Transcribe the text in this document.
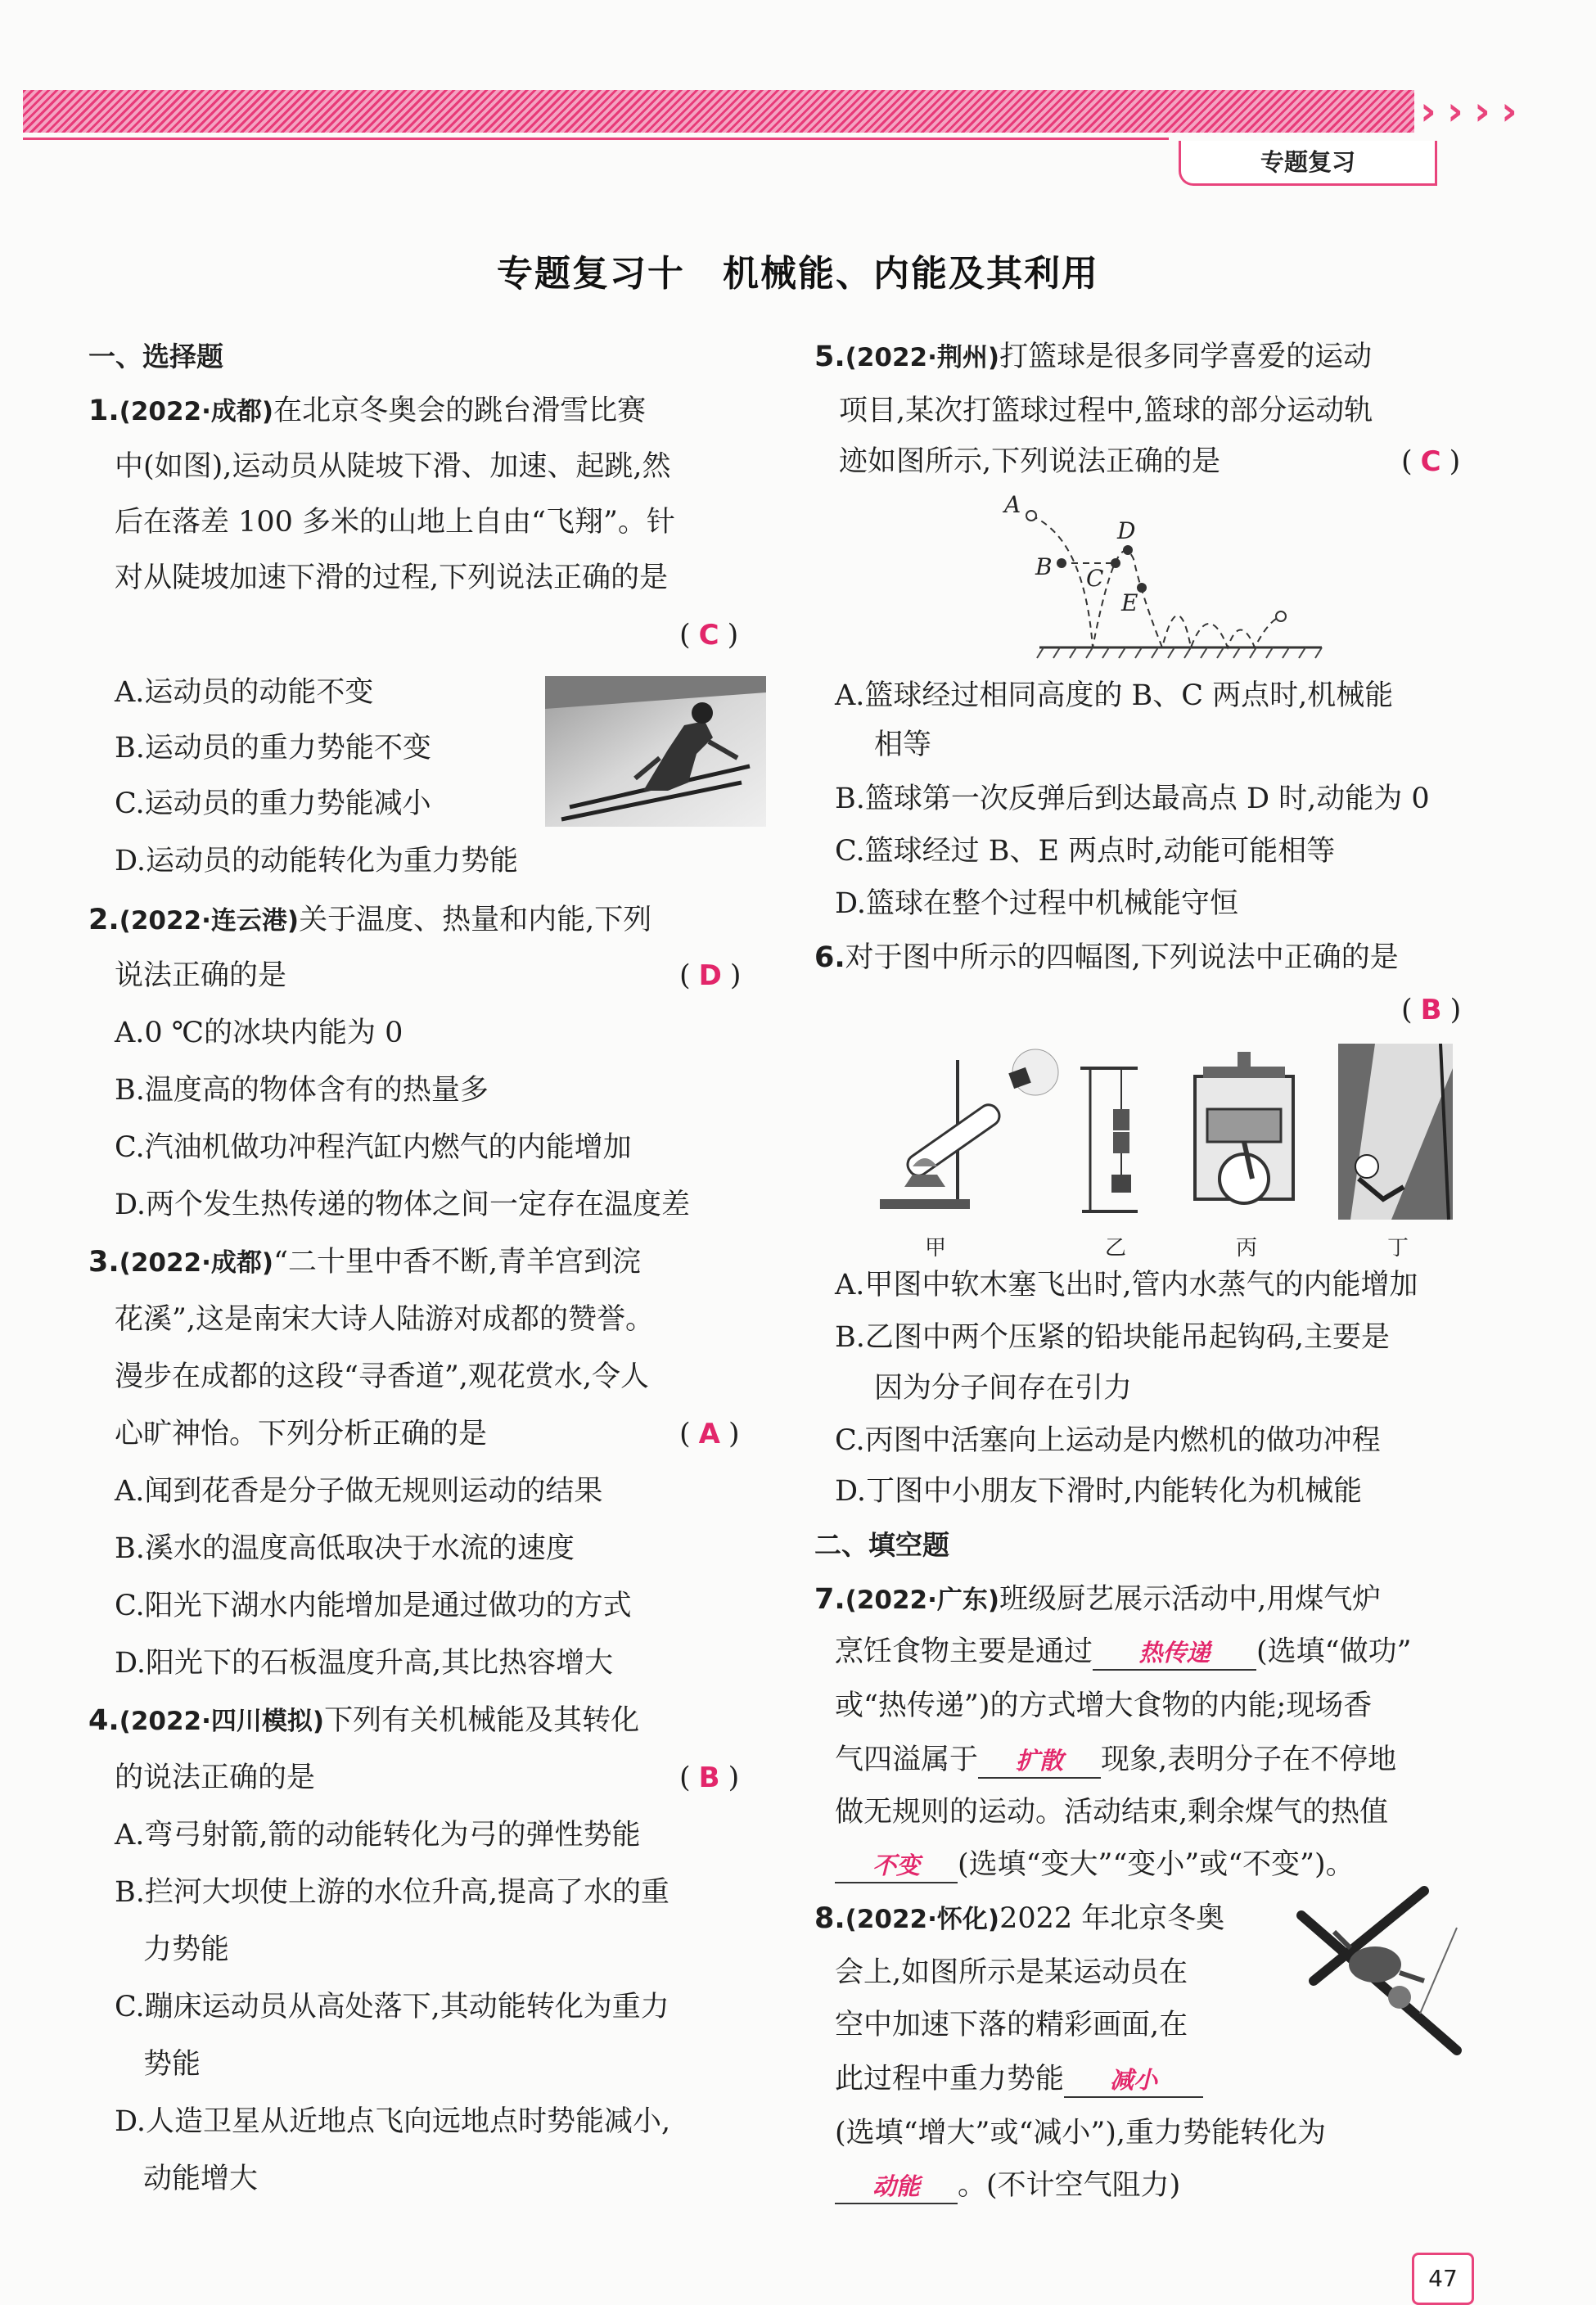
› › › ›
专题复习
专题复习十　机械能、内能及其利用
一、选择题
1.(2022·成都)在北京冬奥会的跳台滑雪比赛
中(如图),运动员从陡坡下滑、加速、起跳,然
后在落差 100 多米的山地上自由“飞翔”。针
对从陡坡加速下滑的过程,下列说法正确的是
( C )
A.运动员的动能不变
B.运动员的重力势能不变
C.运动员的重力势能减小
D.运动员的动能转化为重力势能
2.(2022·连云港)关于温度、热量和内能,下列
说法正确的是	( D )
A.0 ℃的冰块内能为 0
B.温度高的物体含有的热量多
C.汽油机做功冲程汽缸内燃气的内能增加
D.两个发生热传递的物体之间一定存在温度差
3.(2022·成都)“二十里中香不断,青羊宫到浣
花溪”,这是南宋大诗人陆游对成都的赞誉。
漫步在成都的这段“寻香道”,观花赏水,令人
心旷神怡。下列分析正确的是	( A )
A.闻到花香是分子做无规则运动的结果
B.溪水的温度高低取决于水流的速度
C.阳光下湖水内能增加是通过做功的方式
D.阳光下的石板温度升高,其比热容增大
4.(2022·四川模拟)下列有关机械能及其转化
的说法正确的是	( B )
A.弯弓射箭,箭的动能转化为弓的弹性势能
B.拦河大坝使上游的水位升高,提高了水的重
力势能
C.蹦床运动员从高处落下,其动能转化为重力
势能
D.人造卫星从近地点飞向远地点时势能减小,
动能增大
5.(2022·荆州)打篮球是很多同学喜爱的运动
项目,某次打篮球过程中,篮球的部分运动轨
迹如图所示,下列说法正确的是	( C )
A
B C
D
E
A.篮球经过相同高度的 B、C 两点时,机械能
相等
B.篮球第一次反弹后到达最高点 D 时,动能为 0
C.篮球经过 B、E 两点时,动能可能相等
D.篮球在整个过程中机械能守恒
6.对于图中所示的四幅图,下列说法中正确的是
( B )
甲	乙	丙	丁
A.甲图中软木塞飞出时,管内水蒸气的内能增加
B.乙图中两个压紧的铅块能吊起钩码,主要是
因为分子间存在引力
C.丙图中活塞向上运动是内燃机的做功冲程
D.丁图中小朋友下滑时,内能转化为机械能
二、填空题
7.(2022·广东)班级厨艺展示活动中,用煤气炉
烹饪食物主要是通过 热传递 (选填“做功”
或“热传递”)的方式增大食物的内能;现场香
气四溢属于 扩散 现象,表明分子在不停地
做无规则的运动。活动结束,剩余煤气的热值
不变 (选填“变大”“变小”或“不变”)。
8.(2022·怀化)2022 年北京冬奥
会上,如图所示是某运动员在
空中加速下落的精彩画面,在
此过程中重力势能 减小
(选填“增大”或“减小”),重力势能转化为
动能 。(不计空气阻力)
47
